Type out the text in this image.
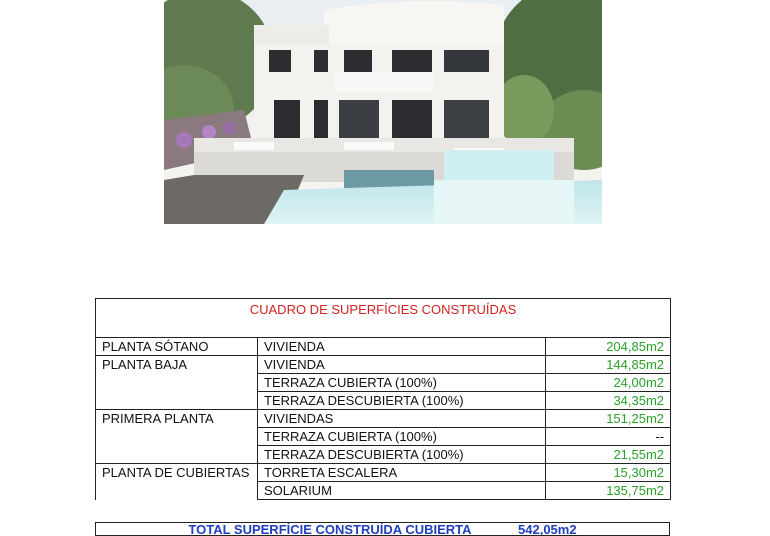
CUADRO DE SUPERFÍCIES CONSTRUÍDAS		
PLANTA SÓTANO	VIVIENDA	204,85m2
PLANTA BAJA	VIVIENDA	144,85m2
	TERRAZA CUBIERTA (100%)	24,00m2
	TERRAZA DESCUBIERTA (100%)	34,35m2
PRIMERA PLANTA	VIVIENDAS	151,25m2
	TERRAZA CUBIERTA (100%)	--
	TERRAZA DESCUBIERTA (100%)	21,55m2
PLANTA DE CUBIERTAS	TORRETA ESCALERA	15,30m2
	SOLARIUM	135,75m2
TOTAL SUPERFÍCIE CONSTRUÍDA CUBIERTA	542,05m2
